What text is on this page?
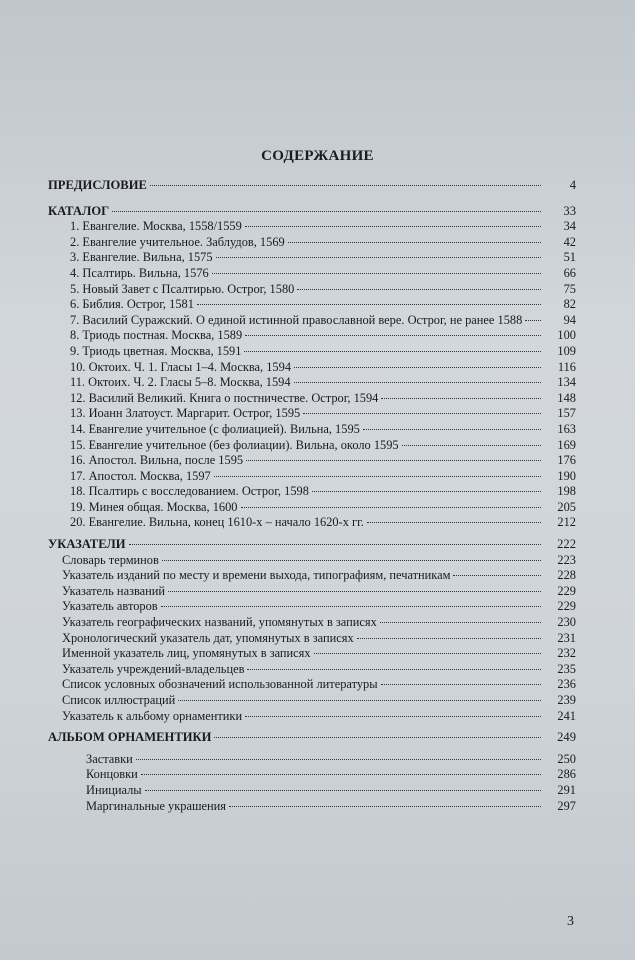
СОДЕРЖАНИЕ
ПРЕДИСЛОВИЕ	4
КАТАЛОГ	33
1. Евангелие. Москва, 1558/1559	34
2. Евангелие учительное. Заблудов, 1569	42
3. Евангелие. Вильна, 1575	51
4. Псалтирь. Вильна, 1576	66
5. Новый Завет с Псалтирью. Острог, 1580	75
6. Библия. Острог, 1581	82
7. Василий Суражский. О единой истинной православной вере. Острог, не ранее 1588	94
8. Триодь постная. Москва, 1589	100
9. Триодь цветная. Москва, 1591	109
10. Октоих. Ч. 1. Гласы 1–4. Москва, 1594	116
11. Октоих. Ч. 2. Гласы 5–8. Москва, 1594	134
12. Василий Великий. Книга о постничестве. Острог, 1594	148
13. Иоанн Златоуст. Маргарит. Острог, 1595	157
14. Евангелие учительное (с фолиацией). Вильна, 1595	163
15. Евангелие учительное (без фолиации). Вильна, около 1595	169
16. Апостол. Вильна, после 1595	176
17. Апостол. Москва, 1597	190
18. Псалтирь с восследованием. Острог, 1598	198
19. Минея общая. Москва, 1600	205
20. Евангелие. Вильна, конец 1610-х – начало 1620-х гг.	212
УКАЗАТЕЛИ	222
Словарь терминов	223
Указатель изданий по месту и времени выхода, типографиям, печатникам	228
Указатель названий	229
Указатель авторов	229
Указатель географических названий, упомянутых в записях	230
Хронологический указатель дат, упомянутых в записях	231
Именной указатель лиц, упомянутых в записях	232
Указатель учреждений-владельцев	235
Список условных обозначений использованной литературы	236
Список иллюстраций	239
Указатель к альбому орнаментики	241
АЛЬБОМ ОРНАМЕНТИКИ	249
Заставки	250
Концовки	286
Инициалы	291
Маргинальные украшения	297
3
